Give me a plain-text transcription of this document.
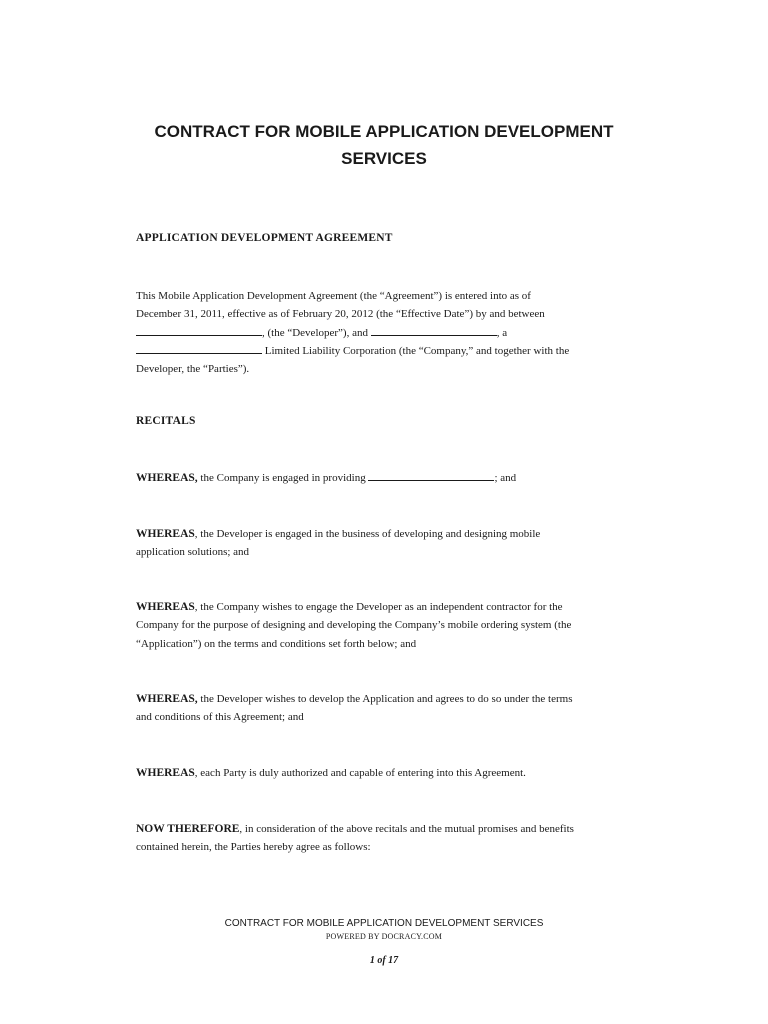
CONTRACT FOR MOBILE APPLICATION DEVELOPMENT
SERVICES

APPLICATION DEVELOPMENT AGREEMENT

This Mobile Application Development Agreement (the “Agreement”) is entered into as of
December 31, 2011, effective as of February 20, 2012 (the “Effective Date”) by and between
, (the “Developer”), and	, a
Limited Liability Corporation (the “Company,” and together with the
Developer, the “Parties”).

RECITALS

WHEREAS, the Company is engaged in providing	; and
WHEREAS, the Developer is engaged in the business of developing and designing mobile
application solutions; and
WHEREAS, the Company wishes to engage the Developer as an independent contractor for the
Company for the purpose of designing and developing the Company’s mobile ordering system (the
“Application”) on the terms and conditions set forth below; and
WHEREAS, the Developer wishes to develop the Application and agrees to do so under the terms
and conditions of this Agreement; and
WHEREAS, each Party is duly authorized and capable of entering into this Agreement.
NOW THEREFORE, in consideration of the above recitals and the mutual promises and benefits
contained herein, the Parties hereby agree as follows:

CONTRACT FOR MOBILE APPLICATION DEVELOPMENT SERVICES

POWERED BY DOCRACY.COM

1 of 17
